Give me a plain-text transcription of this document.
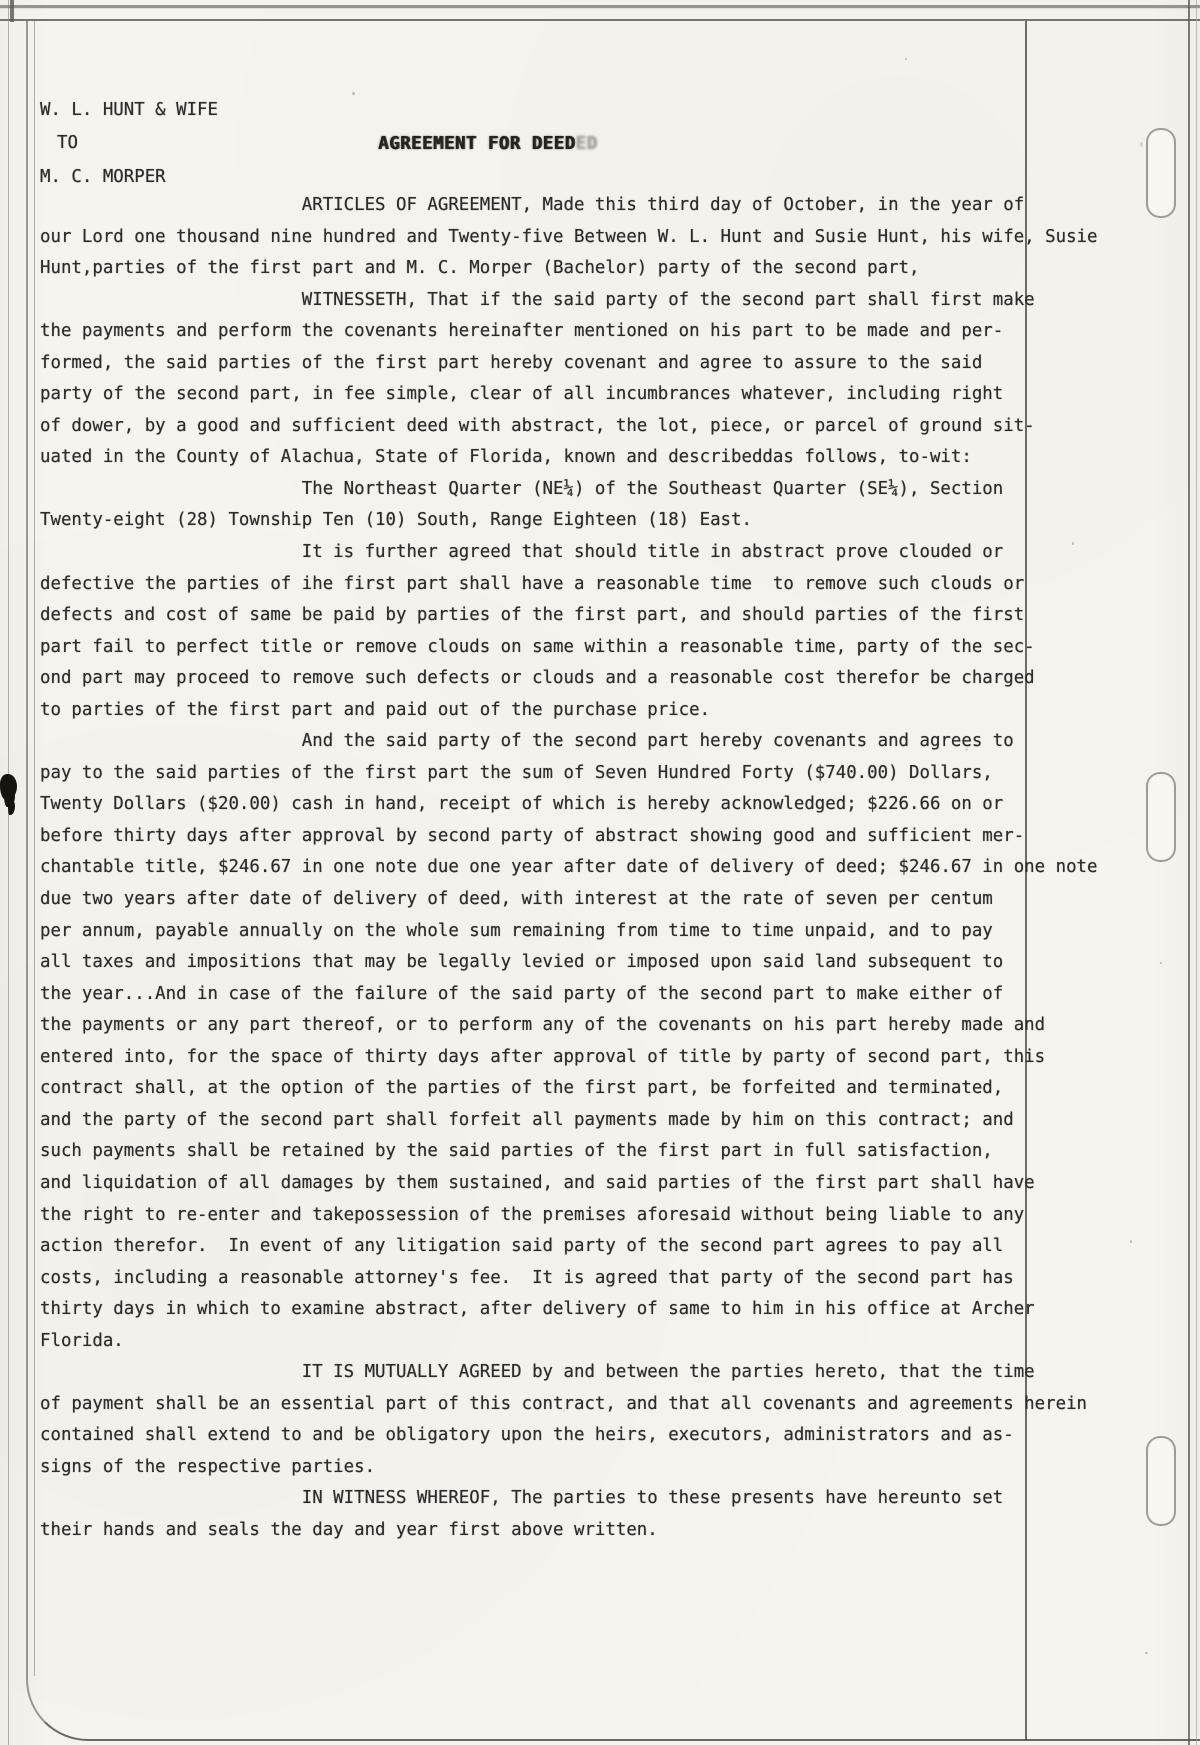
W. L. HUNT & WIFE
TO
M. C. MORPER
AGREEMENT FOR DEEDED
ARTICLES OF AGREEMENT, Made this third day of October, in the year of
our Lord one thousand nine hundred and Twenty-five Between W. L. Hunt and Susie Hunt, his wife, Susie
Hunt,parties of the first part and M. C. Morper (Bachelor) party of the second part,
WITNESSETH, That if the said party of the second part shall first make
the payments and perform the covenants hereinafter mentioned on his part to be made and per-
formed, the said parties of the first part hereby covenant and agree to assure to the said
party of the second part, in fee simple, clear of all incumbrances whatever, including right
of dower, by a good and sufficient deed with abstract, the lot, piece, or parcel of ground sit-
uated in the County of Alachua, State of Florida, known and describeddas follows, to-wit:
The Northeast Quarter (NE¼) of the Southeast Quarter (SE¼), Section
Twenty-eight (28) Township Ten (10) South, Range Eighteen (18) East.
It is further agreed that should title in abstract prove clouded or
defective the parties of ihe first part shall have a reasonable time  to remove such clouds or
defects and cost of same be paid by parties of the first part, and should parties of the first
part fail to perfect title or remove clouds on same within a reasonable time, party of the sec-
ond part may proceed to remove such defects or clouds and a reasonable cost therefor be charged
to parties of the first part and paid out of the purchase price.
And the said party of the second part hereby covenants and agrees to
pay to the said parties of the first part the sum of Seven Hundred Forty ($740.00) Dollars,
Twenty Dollars ($20.00) cash in hand, receipt of which is hereby acknowledged; $226.66 on or
before thirty days after approval by second party of abstract showing good and sufficient mer-
chantable title, $246.67 in one note due one year after date of delivery of deed; $246.67 in one note
due two years after date of delivery of deed, with interest at the rate of seven per centum
per annum, payable annually on the whole sum remaining from time to time unpaid, and to pay
all taxes and impositions that may be legally levied or imposed upon said land subsequent to
the year...And in case of the failure of the said party of the second part to make either of
the payments or any part thereof, or to perform any of the covenants on his part hereby made and
entered into, for the space of thirty days after approval of title by party of second part, this
contract shall, at the option of the parties of the first part, be forfeited and terminated,
and the party of the second part shall forfeit all payments made by him on this contract; and
such payments shall be retained by the said parties of the first part in full satisfaction,
and liquidation of all damages by them sustained, and said parties of the first part shall have
the right to re-enter and takepossession of the premises aforesaid without being liable to any
action therefor.  In event of any litigation said party of the second part agrees to pay all
costs, including a reasonable attorney's fee.  It is agreed that party of the second part has
thirty days in which to examine abstract, after delivery of same to him in his office at Archer
Florida.
IT IS MUTUALLY AGREED by and between the parties hereto, that the time
of payment shall be an essential part of this contract, and that all covenants and agreements herein
contained shall extend to and be obligatory upon the heirs, executors, administrators and as-
signs of the respective parties.
IN WITNESS WHEREOF, The parties to these presents have hereunto set
their hands and seals the day and year first above written.
